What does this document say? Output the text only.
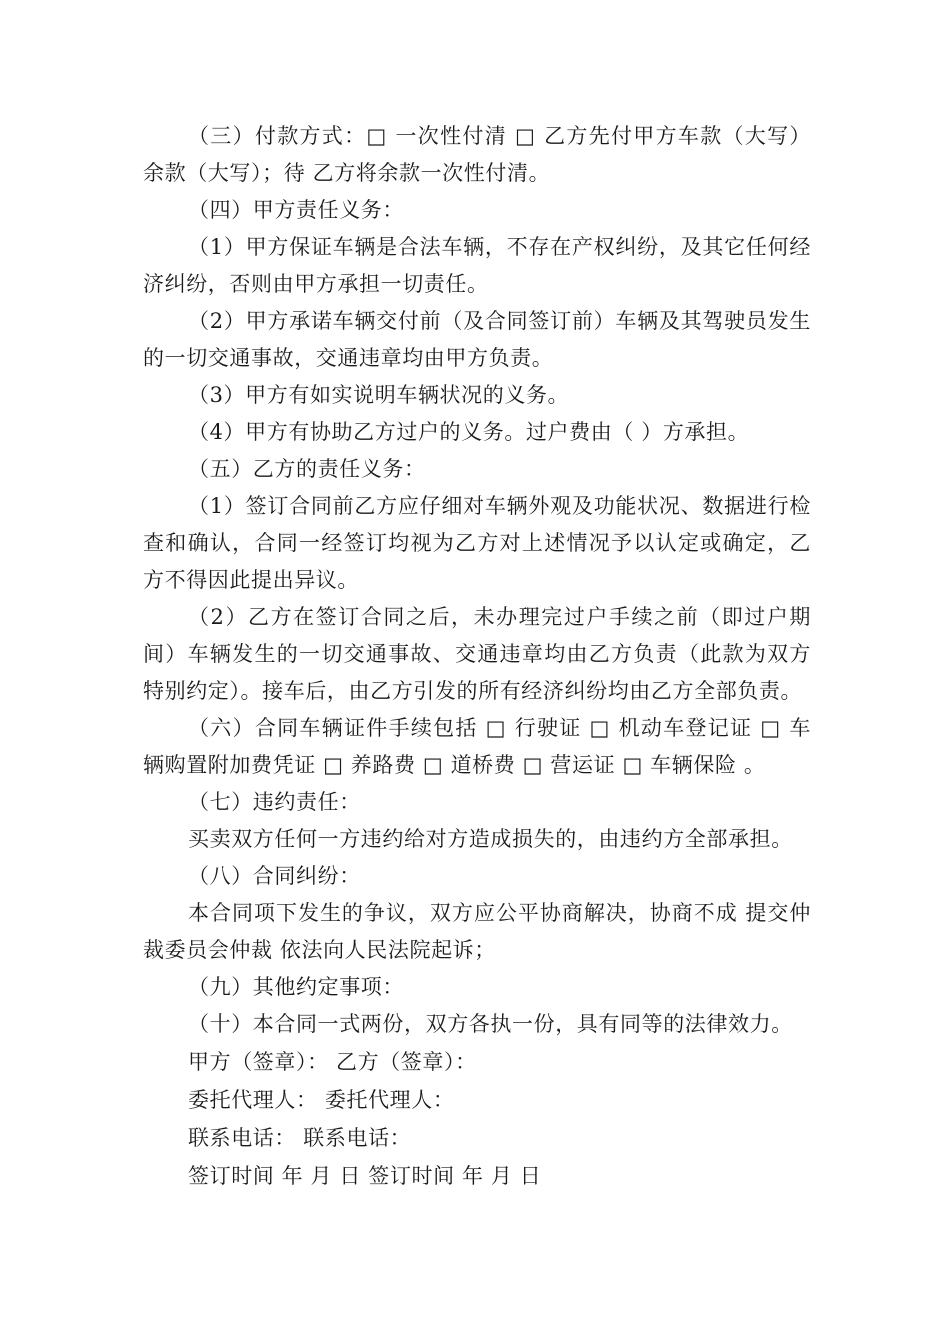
（三）付款方式：□ 一次性付清 □ 乙方先付甲方车款（大写） 余款（大写）；待 乙方将余款一次性付清。

（四）甲方责任义务：

（1）甲方保证车辆是合法车辆，不存在产权纠纷，及其它任何经济纠纷，否则由甲方承担一切责任。

（2）甲方承诺车辆交付前（及合同签订前）车辆及其驾驶员发生的一切交通事故，交通违章均由甲方负责。

（3）甲方有如实说明车辆状况的义务。

（4）甲方有协助乙方过户的义务。过户费由（ ）方承担。

（五）乙方的责任义务：

（1）签订合同前乙方应仔细对车辆外观及功能状况、数据进行检查和确认，合同一经签订均视为乙方对上述情况予以认定或确定，乙方不得因此提出异议。

（2）乙方在签订合同之后，未办理完过户手续之前（即过户期间）车辆发生的一切交通事故、交通违章均由乙方负责（此款为双方特别约定）。接车后，由乙方引发的所有经济纠纷均由乙方全部负责。

（六）合同车辆证件手续包括 □ 行驶证 □ 机动车登记证 □ 车辆购置附加费凭证 □ 养路费 □ 道桥费 □ 营运证 □ 车辆保险 。

（七）违约责任：

买卖双方任何一方违约给对方造成损失的，由违约方全部承担。

（八）合同纠纷：

本合同项下发生的争议，双方应公平协商解决，协商不成 提交仲裁委员会仲裁 依法向人民法院起诉；

（九）其他约定事项：

（十）本合同一式两份，双方各执一份，具有同等的法律效力。

甲方（签章）： 乙方（签章）：

委托代理人： 委托代理人：

联系电话： 联系电话：

签订时间 年 月 日 签订时间 年 月 日
